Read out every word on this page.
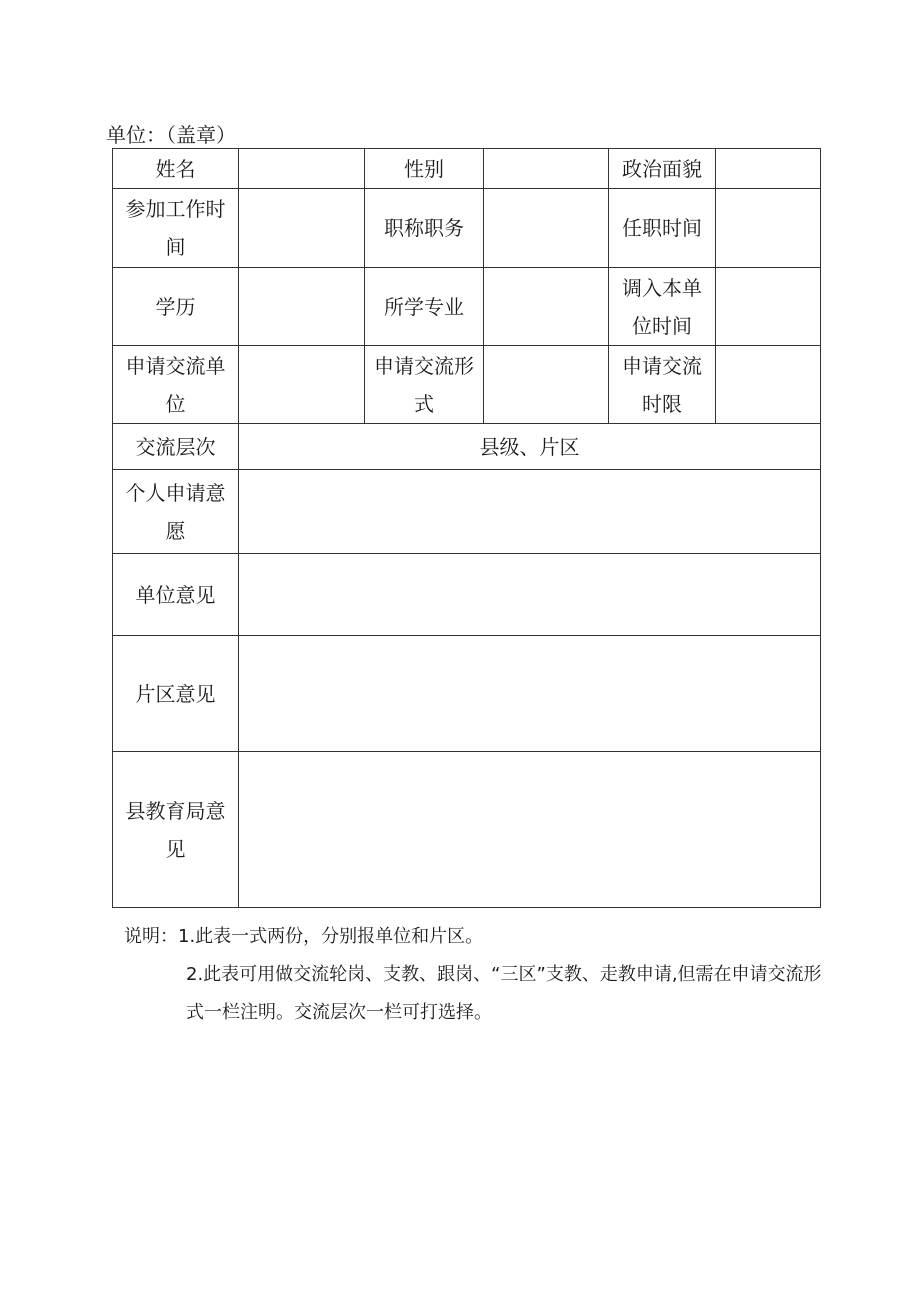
单位：（盖章）
姓名		性别		政治面貌	
参加工作时间		职称职务		任职时间	
学历		所学专业		调入本单位时间	
申请交流单位		申请交流形式		申请交流时限	
交流层次	县级、片区				
个人申请意愿					
单位意见					
片区意见					
县教育局意见					
说明：1.此表一式两份，分别报单位和片区。
2.此表可用做交流轮岗、支教、跟岗、“三区”支教、走教申请,但需在申请交流形式一栏注明。交流层次一栏可打选择。
